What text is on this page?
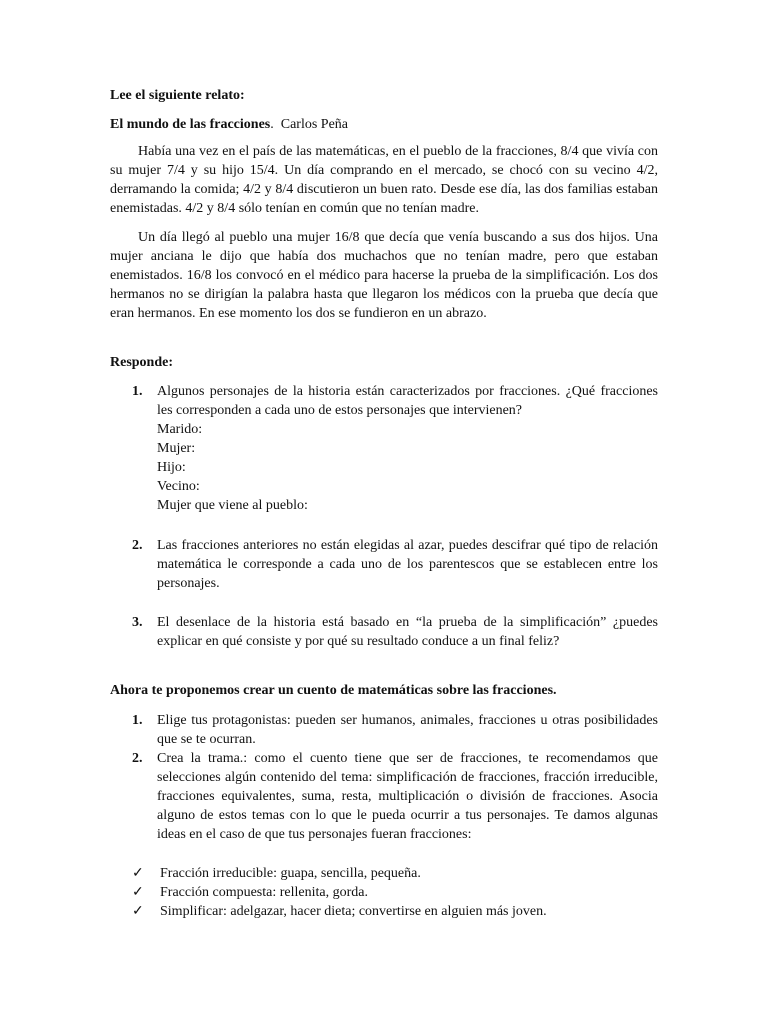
Lee el siguiente relato:

El mundo de las fracciones. Carlos Peña

Había una vez en el país de las matemáticas, en el pueblo de la fracciones, 8/4 que vivía con su mujer 7/4 y su hijo 15/4. Un día comprando en el mercado, se chocó con su vecino 4/2, derramando la comida; 4/2 y 8/4 discutieron un buen rato. Desde ese día, las dos familias estaban enemistadas. 4/2 y 8/4 sólo tenían en común que no tenían madre.

Un día llegó al pueblo una mujer 16/8 que decía que venía buscando a sus dos hijos. Una mujer anciana le dijo que había dos muchachos que no tenían madre, pero que estaban enemistados. 16/8 los convocó en el médico para hacerse la prueba de la simplificación. Los dos hermanos no se dirigían la palabra hasta que llegaron los médicos con la prueba que decía que eran hermanos. En ese momento los dos se fundieron en un abrazo.

Responde:

1. Algunos personajes de la historia están caracterizados por fracciones. ¿Qué fracciones les corresponden a cada uno de estos personajes que intervienen?
Marido:
Mujer:
Hijo:
Vecino:
Mujer que viene al pueblo:
2. Las fracciones anteriores no están elegidas al azar, puedes descifrar qué tipo de relación matemática le corresponde a cada uno de los parentescos que se establecen entre los personajes.
3. El desenlace de la historia está basado en “la prueba de la simplificación” ¿puedes explicar en qué consiste y por qué su resultado conduce a un final feliz?

Ahora te proponemos crear un cuento de matemáticas sobre las fracciones.

1. Elige tus protagonistas: pueden ser humanos, animales, fracciones u otras posibilidades que se te ocurran.
2. Crea la trama.: como el cuento tiene que ser de fracciones, te recomendamos que selecciones algún contenido del tema: simplificación de fracciones, fracción irreducible, fracciones equivalentes, suma, resta, multiplicación o división de fracciones. Asocia alguno de estos temas con lo que le pueda ocurrir a tus personajes. Te damos algunas ideas en el caso de que tus personajes fueran fracciones:
✓ Fracción irreducible: guapa, sencilla, pequeña.
✓ Fracción compuesta: rellenita, gorda.
✓ Simplificar: adelgazar, hacer dieta; convertirse en alguien más joven.
